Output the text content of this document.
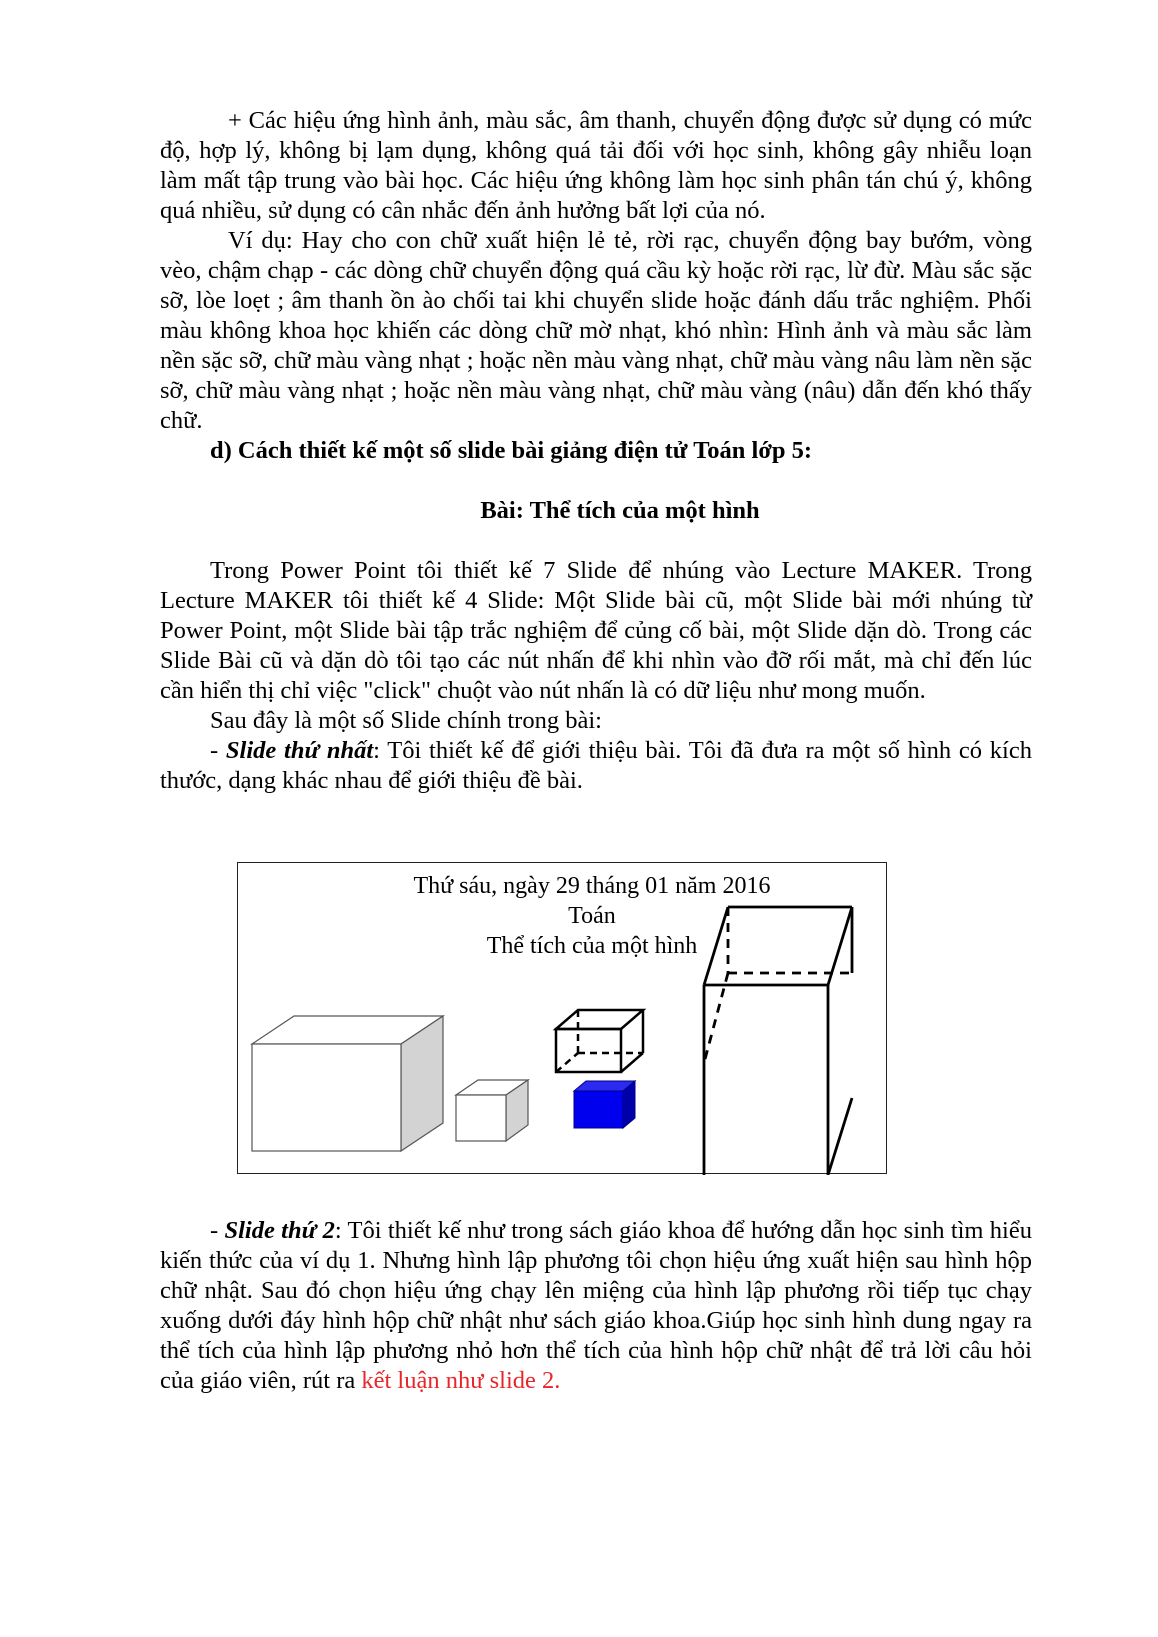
+ Các hiệu ứng hình ảnh, màu sắc, âm thanh, chuyển động được sử dụng có mức độ, hợp lý, không bị lạm dụng, không quá tải đối với học sinh, không gây nhiễu loạn làm mất tập trung vào bài học. Các hiệu ứng không làm học sinh phân tán chú ý, không quá nhiều, sử dụng có cân nhắc đến ảnh hưởng bất lợi của nó.

Ví dụ: Hay cho con chữ xuất hiện lẻ tẻ, rời rạc, chuyển động bay bướm, vòng vèo, chậm chạp - các dòng chữ chuyển động quá cầu kỳ hoặc rời rạc, lừ đừ. Màu sắc sặc sỡ, lòe loẹt ; âm thanh ồn ào chối tai khi chuyển slide hoặc đánh dấu trắc nghiệm. Phối màu không khoa học khiến các dòng chữ mờ nhạt, khó nhìn: Hình ảnh và màu sắc làm nền sặc sỡ, chữ màu vàng nhạt ; hoặc nền màu vàng nhạt, chữ màu vàng nâu làm nền sặc sỡ, chữ màu vàng nhạt ; hoặc nền màu vàng nhạt, chữ màu vàng (nâu) dẫn đến khó thấy chữ.

d) Cách thiết kế một số slide bài giảng điện tử Toán lớp 5:

Bài: Thể tích của một hình

Trong Power Point tôi thiết kế 7 Slide để nhúng vào Lecture MAKER. Trong Lecture MAKER tôi thiết kế 4 Slide: Một Slide bài cũ, một Slide bài mới nhúng từ Power Point, một Slide bài tập trắc nghiệm để củng cố bài, một Slide dặn dò. Trong các Slide Bài cũ và dặn dò tôi tạo các nút nhấn để khi nhìn vào đỡ rối mắt, mà chỉ đến lúc cần hiển thị chỉ việc "click" chuột vào nút nhấn là có dữ liệu như mong muốn.

Sau đây là một số Slide chính trong bài:

- Slide thứ nhất: Tôi thiết kế để giới thiệu bài. Tôi đã đưa ra một số hình có kích thước, dạng khác nhau để giới thiệu đề bài.

Thứ sáu, ngày 29 tháng 01 năm 2016
Toán
Thể tích của một hình

- Slide thứ 2: Tôi thiết kế như trong sách giáo khoa để hướng dẫn học sinh tìm hiểu kiến thức của ví dụ 1. Nhưng hình lập phương tôi chọn hiệu ứng xuất hiện sau hình hộp chữ nhật. Sau đó chọn hiệu ứng chạy lên miệng của hình lập phương rồi tiếp tục chạy xuống dưới đáy hình hộp chữ nhật như sách giáo khoa.Giúp học sinh hình dung ngay ra thể tích của hình lập phương nhỏ hơn thể tích của hình hộp chữ nhật để trả lời câu hỏi của giáo viên, rút ra kết luận như slide 2.
